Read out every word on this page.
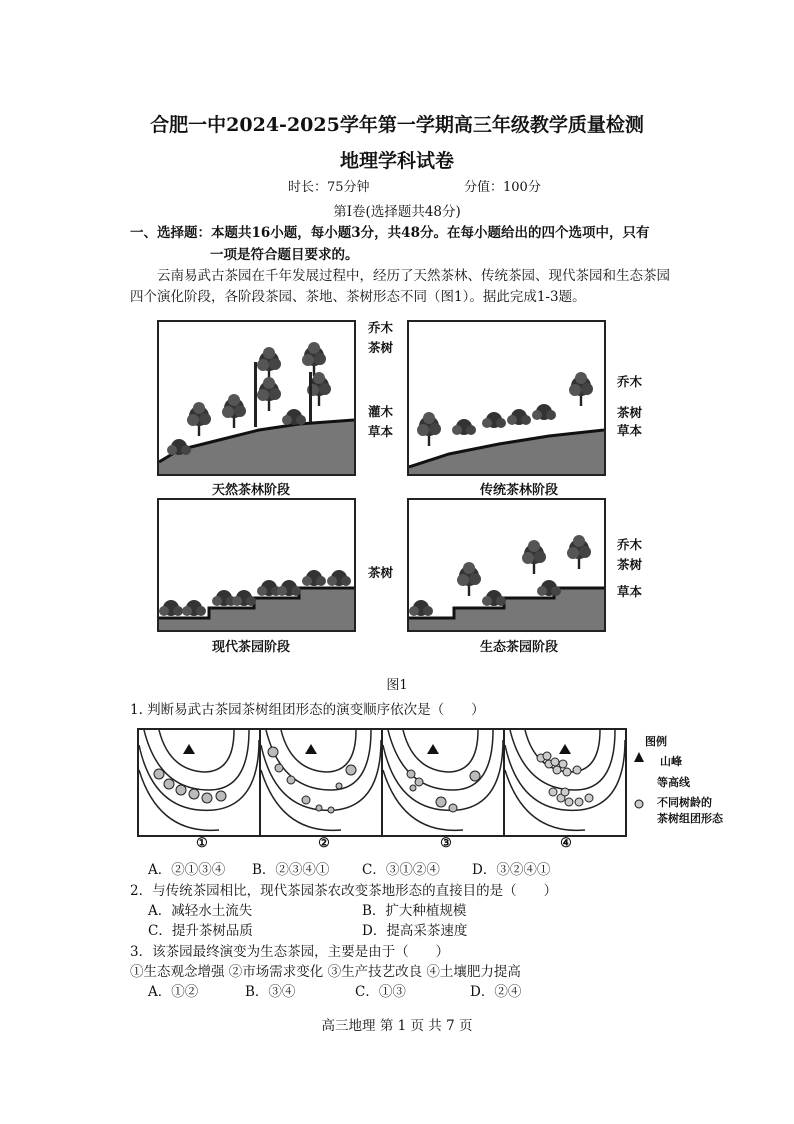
合肥一中2024-2025学年第一学期高三年级教学质量检测
地理学科试卷
时长：75分钟	分值：100分
第Ⅰ卷(选择题共48分)
一、选择题：本题共16小题，每小题3分，共48分。在每小题给出的四个选项中，只有
一项是符合题目要求的。
云南易武古茶园在千年发展过程中，经历了天然茶林、传统茶园、现代茶园和生态茶园四个演化阶段，各阶段茶园、茶地、茶树形态不同（图1）。据此完成1-3题。
乔木
茶树
灌木
草本
天然茶林阶段
乔木
茶树
草本
传统茶林阶段
茶树
现代茶园阶段
乔木
茶树
草本
生态茶园阶段
图1
1. 判断易武古茶园茶树组团形态的演变顺序依次是（　　）
①	②	③	④
图例
山峰
等高线
不同树龄的
茶树组团形态
A．②①③④ B．②③④① C．③①②④ D．③②④①
2．与传统茶园相比，现代茶园茶农改变茶地形态的直接目的是（　　）
A．减轻水土流失	B．扩大种植规模
C．提升茶树品质	D．提高采茶速度
3．该茶园最终演变为生态茶园，主要是由于（　　）
①生态观念增强 ②市场需求变化 ③生产技艺改良 ④土壤肥力提高
A．①②	B．③④	C．①③	D．②④
高三地理 第 1 页 共 7 页
